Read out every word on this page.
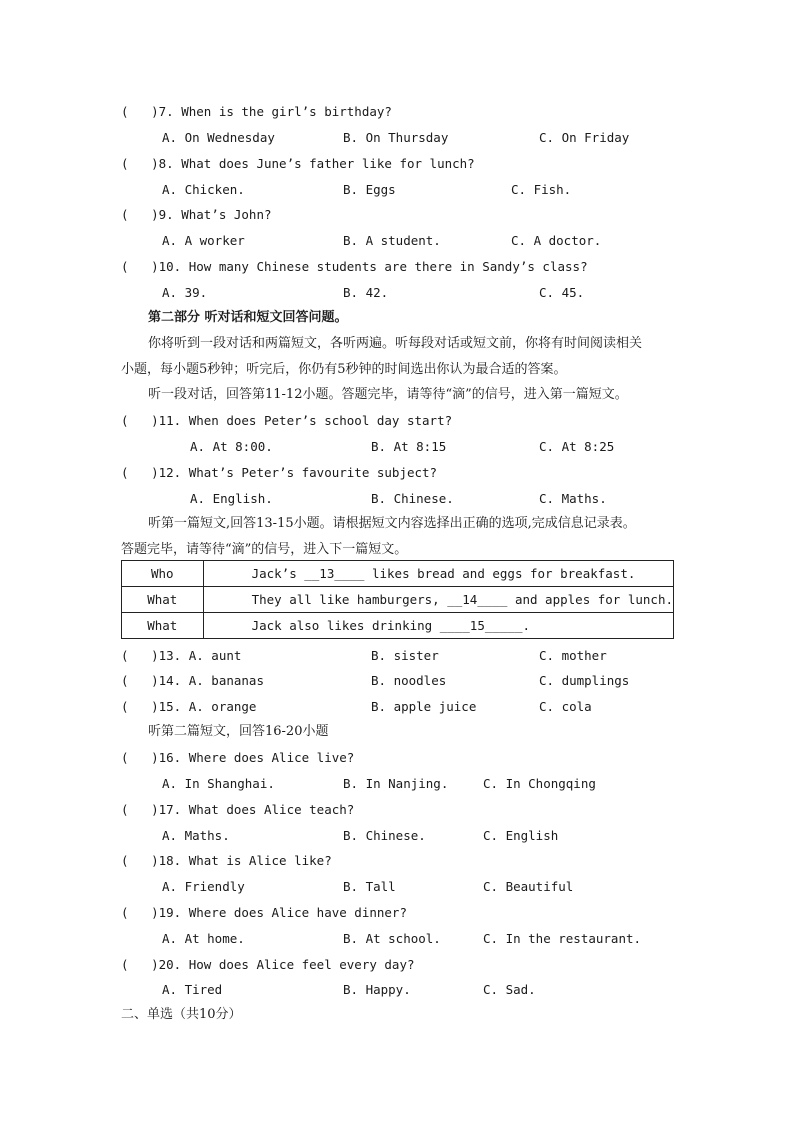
(   )7. When is the girl’s birthday?
A. On Wednesday	B. On Thursday	C. On Friday
(   )8. What does June’s father like for lunch?
A. Chicken.	B. Eggs	C. Fish.
(   )9. What’s John?
A. A worker	B. A student.	C. A doctor.
(   )10. How many Chinese students are there in Sandy’s class?
A. 39.	B. 42.	C. 45.
第二部分 听对话和短文回答问题。
你将听到一段对话和两篇短文，各听两遍。听每段对话或短文前，你将有时间阅读相关
小题，每小题5秒钟；听完后，你仍有5秒钟的时间选出你认为最合适的答案。
听一段对话，回答第11-12小题。答题完毕，请等待“滴”的信号，进入第一篇短文。
(   )11. When does Peter’s school day start?
A. At 8:00.	B. At 8:15	C. At 8:25
(   )12. What’s Peter’s favourite subject?
A. English.	B. Chinese.	C. Maths.
听第一篇短文,回答13-15小题。请根据短文内容选择出正确的选项,完成信息记录表。
答题完毕，请等待“滴”的信号，进入下一篇短文。
Who	Jack’s __13____ likes bread and eggs for breakfast.
What	They all like hamburgers, __14____ and apples for lunch.
What	Jack also likes drinking ____15_____.
(   )13. A. aunt	B. sister	C. mother
(   )14. A. bananas	B. noodles	C. dumplings
(   )15. A. orange	B. apple juice	C. cola
听第二篇短文，回答16-20小题
(   )16. Where does Alice live?
A. In Shanghai.	B. In Nanjing.	C. In Chongqing
(   )17. What does Alice teach?
A. Maths.	B. Chinese.	C. English
(   )18. What is Alice like?
A. Friendly	B. Tall	C. Beautiful
(   )19. Where does Alice have dinner?
A. At home.	B. At school.	C. In the restaurant.
(   )20. How does Alice feel every day?
A. Tired	B. Happy.	C. Sad.
二、单选（共10分）
